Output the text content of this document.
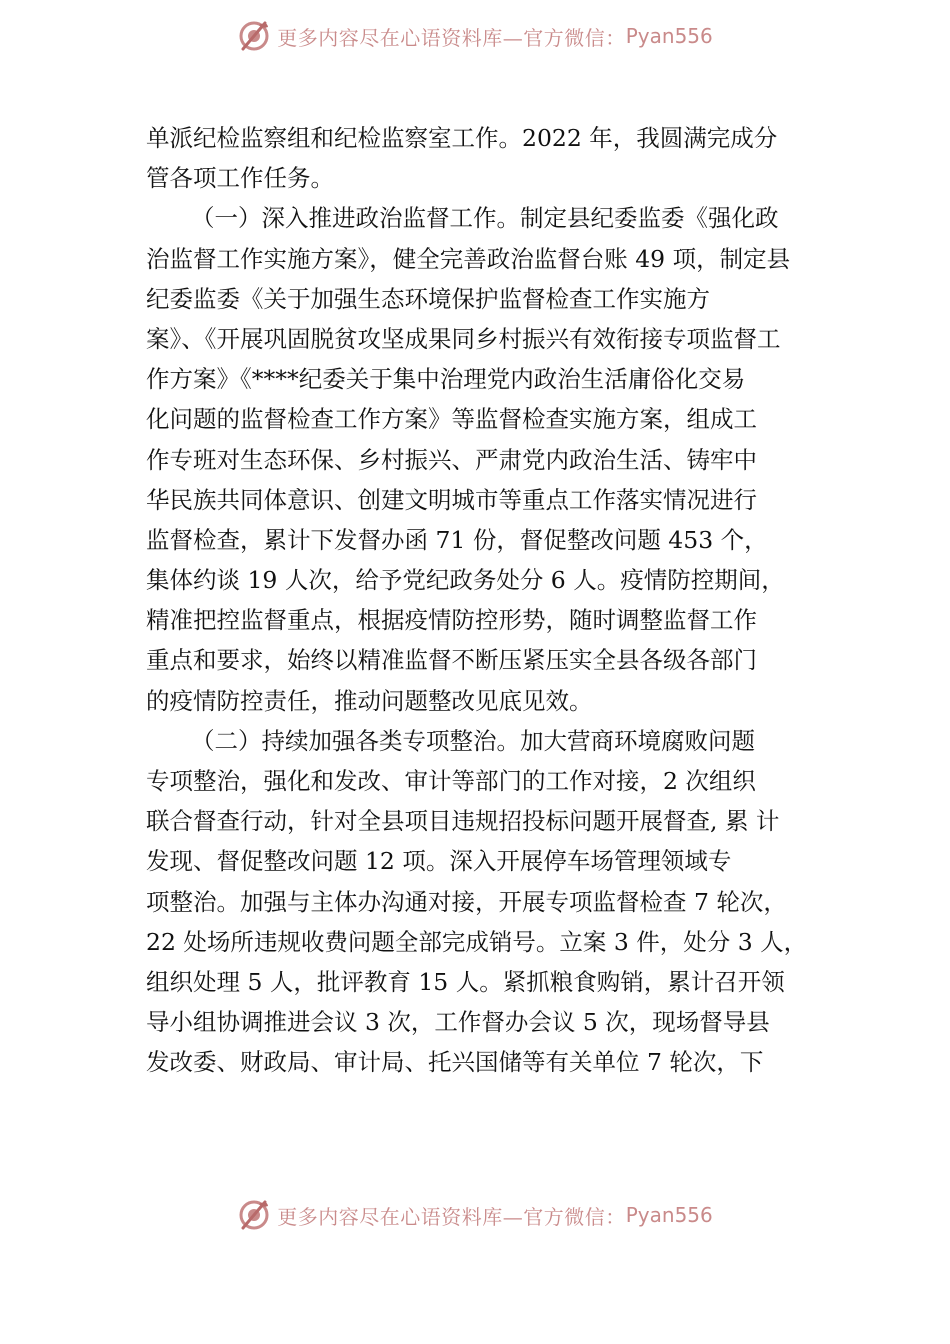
更多内容尽在心语资料库—官方微信： Pyan556
单派纪检监察组和纪检监察室工作。2022 年，我圆满完成分
管各项工作任务。
（一）深入推进政治监督工作。制定县纪委监委《强化政
治监督工作实施方案》，健全完善政治监督台账 49 项，制定县
纪委监委《关于加强生态环境保护监督检查工作实施方
案》、《开展巩固脱贫攻坚成果同乡村振兴有效衔接专项监督工
作方案》《****纪委关于集中治理党内政治生活庸俗化交易
化问题的监督检查工作方案》等监督检查实施方案，组成工
作专班对生态环保、乡村振兴、严肃党内政治生活、铸牢中
华民族共同体意识、创建文明城市等重点工作落实情况进行
监督检查，累计下发督办函 71 份，督促整改问题 453 个，
集体约谈 19 人次，给予党纪政务处分 6 人。疫情防控期间，
精准把控监督重点，根据疫情防控形势，随时调整监督工作
重点和要求，始终以精准监督不断压紧压实全县各级各部门
的疫情防控责任，推动问题整改见底见效。
（二）持续加强各类专项整治。加大营商环境腐败问题
专项整治，强化和发改、审计等部门的工作对接，2 次组织
联合督查行动，针对全县项目违规招投标问题开展督查, 累 计
发现、督促整改问题 12 项。深入开展停车场管理领域专
项整治。加强与主体办沟通对接，开展专项监督检查 7 轮次，
22 处场所违规收费问题全部完成销号。立案 3 件，处分 3 人，
组织处理 5 人，批评教育 15 人。紧抓粮食购销，累计召开领
导小组协调推进会议 3 次，工作督办会议 5 次，现场督导县
发改委、财政局、审计局、托兴国储等有关单位 7 轮次，下
更多内容尽在心语资料库—官方微信： Pyan556
